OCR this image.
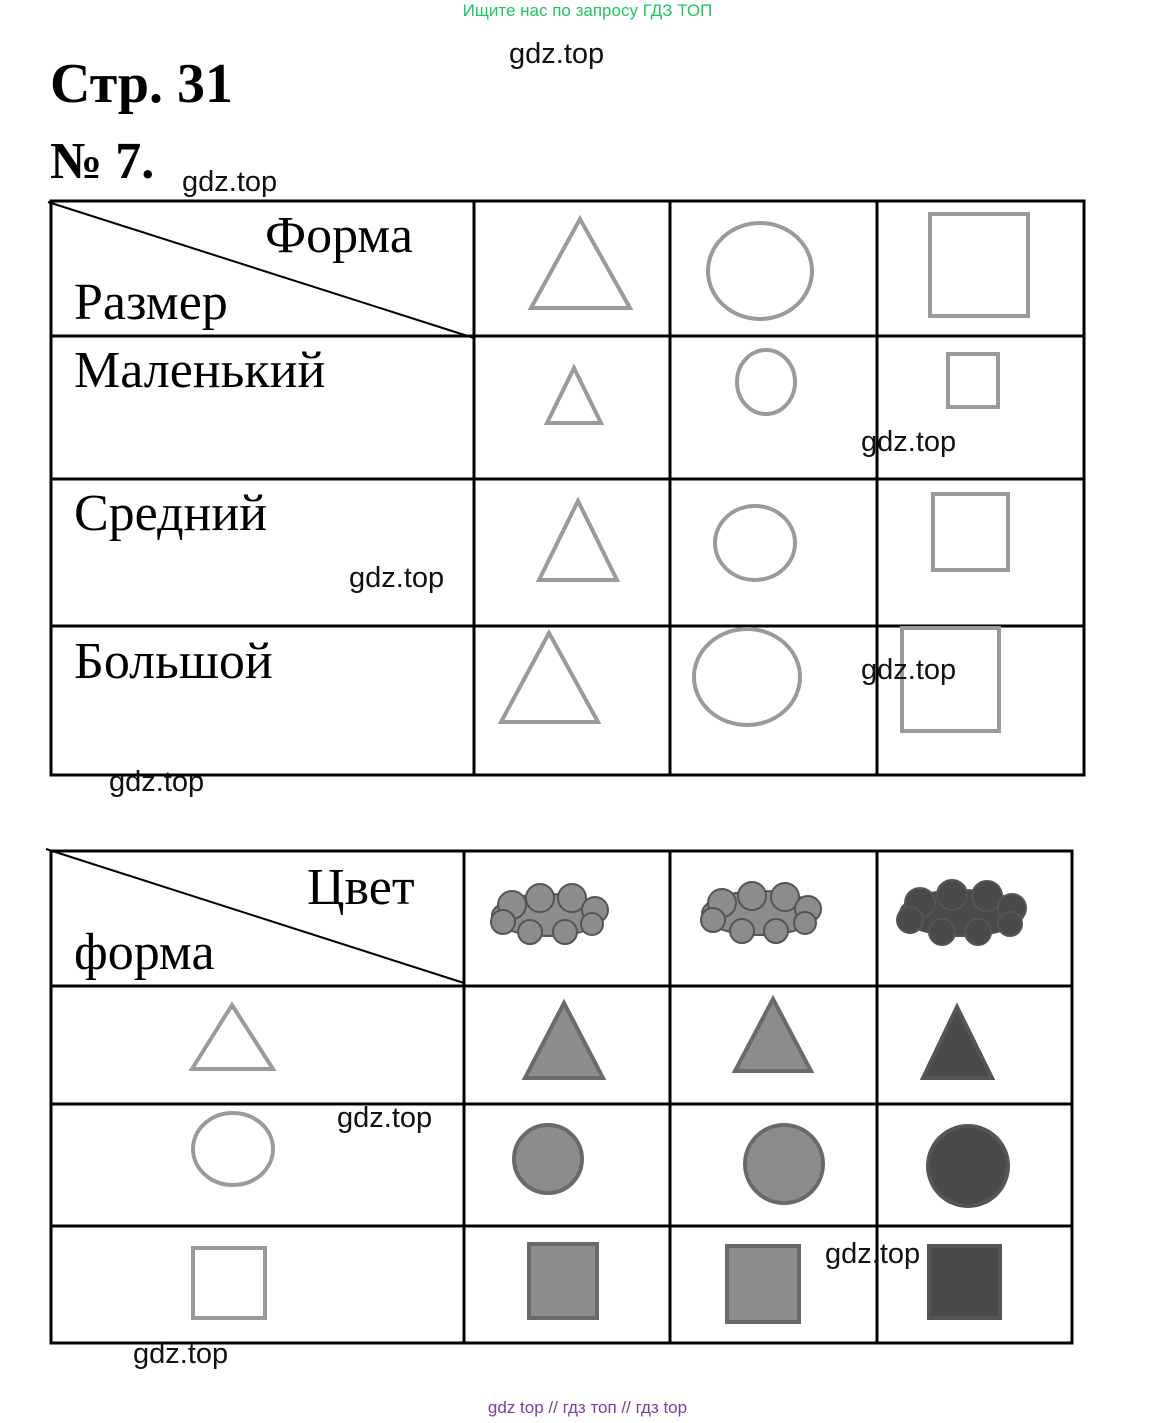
Ищите нас по запросу ГДЗ ТОП
Стр. 31
№ 7.
Форма
Размер
Маленький
Средний
Большой
Цвет
форма
gdz.top
gdz.top
gdz.top
gdz.top
gdz.top
gdz.top
gdz.top
gdz.top
gdz.top
gdz top // гдз топ // гдз top
